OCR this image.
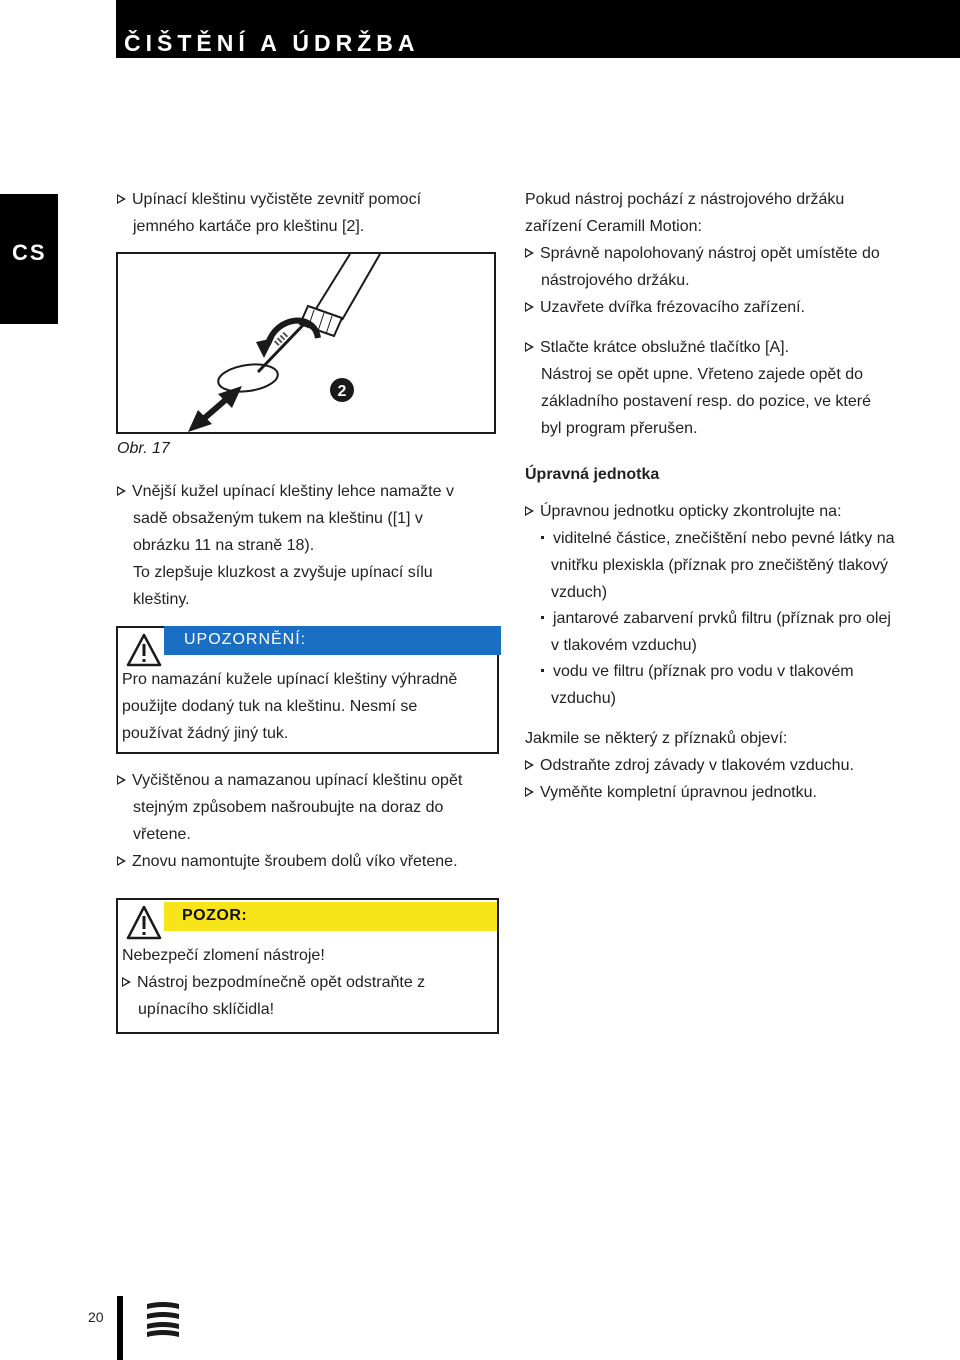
ČIŠTĚNÍ A ÚDRŽBA
CS
Upínací kleštinu vyčistěte zevnitř pomocí
jemného kartáče pro kleštinu [2].
2
Obr. 17
Vnější kužel upínací kleštiny lehce namažte v
sadě obsaženým tukem na kleštinu ([1] v
obrázku 11 na straně 18).
To zlepšuje kluzkost a zvyšuje upínací sílu
kleštiny.
UPOZORNĚNÍ:
Pro namazání kužele upínací kleštiny výhradně
použijte dodaný tuk na kleštinu. Nesmí se
používat žádný jiný tuk.
Vyčištěnou a namazanou upínací kleštinu opět
stejným způsobem našroubujte na doraz do
vřetene.
Znovu namontujte šroubem dolů víko vřetene.
POZOR:
Nebezpečí zlomení nástroje!
Nástroj bezpodmínečně opět odstraňte z
upínacího sklíčidla!
Pokud nástroj pochází z nástrojového držáku
zařízení Ceramill Motion:
Správně napolohovaný nástroj opět umístěte do
nástrojového držáku.
Uzavřete dvířka frézovacího zařízení.
Stlačte krátce obslužné tlačítko [A].
Nástroj se opět upne. Vřeteno zajede opět do
základního postavení resp. do pozice, ve které
byl program přerušen.
Úpravná jednotka
Úpravnou jednotku opticky zkontrolujte na:
viditelné částice, znečištění nebo pevné látky na
vnitřku plexiskla (příznak pro znečištěný tlakový
vzduch)
jantarové zabarvení prvků filtru (příznak pro olej
v tlakovém vzduchu)
vodu ve filtru (příznak pro vodu v tlakovém
vzduchu)
Jakmile se některý z příznaků objeví:
Odstraňte zdroj závady v tlakovém vzduchu.
Vyměňte kompletní úpravnou jednotku.
20
